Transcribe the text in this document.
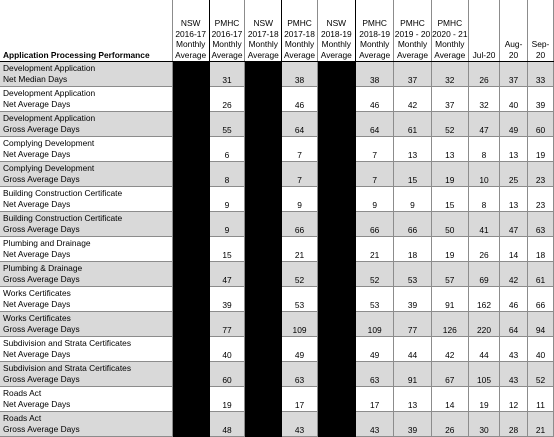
Application Processing Performance	NSW
2016-17
Monthly
Average	PMHC
2016-17
Monthly
Average	NSW
2017-18
Monthly
Average	PMHC
2017-18
Monthly
Average	NSW
2018-19
Monthly
Average	PMHC
2018-19
Monthly
Average	PMHC
2019 - 20
Monthly
Average	PMHC
2020 - 21
Monthly
Average	Jul-20	Aug-20	Sep-20

Development Application
Net Median Days		31		38		38	37	32	26	37	33

Development Application
Net Average Days		26		46		46	42	37	32	40	39

Development Application
Gross Average Days		55		64		64	61	52	47	49	60

Complying Development
Net Average Days		6		7		7	13	13	8	13	19

Complying Development
Gross Average Days		8		7		7	15	19	10	25	23

Building Construction Certificate
Net Average Days		9		9		9	9	15	8	13	23

Building Construction Certificate
Gross Average Days		9		66		66	66	50	41	47	63

Plumbing and Drainage
Net Average Days		15		21		21	18	19	26	14	18

Plumbing & Drainage
Gross Average Days		47		52		52	53	57	69	42	61

Works Certificates
Net Average Days		39		53		53	39	91	162	46	66

Works Certificates
Gross Average Days		77		109		109	77	126	220	64	94

Subdivision and Strata Certificates
Net Average Days		40		49		49	44	42	44	43	40

Subdivision and Strata Certificates
Gross Average Days		60		63		63	91	67	105	43	52

Roads Act
Net Average Days		19		17		17	13	14	19	12	11

Roads Act
Gross Average Days		48		43		43	39	26	30	28	21
